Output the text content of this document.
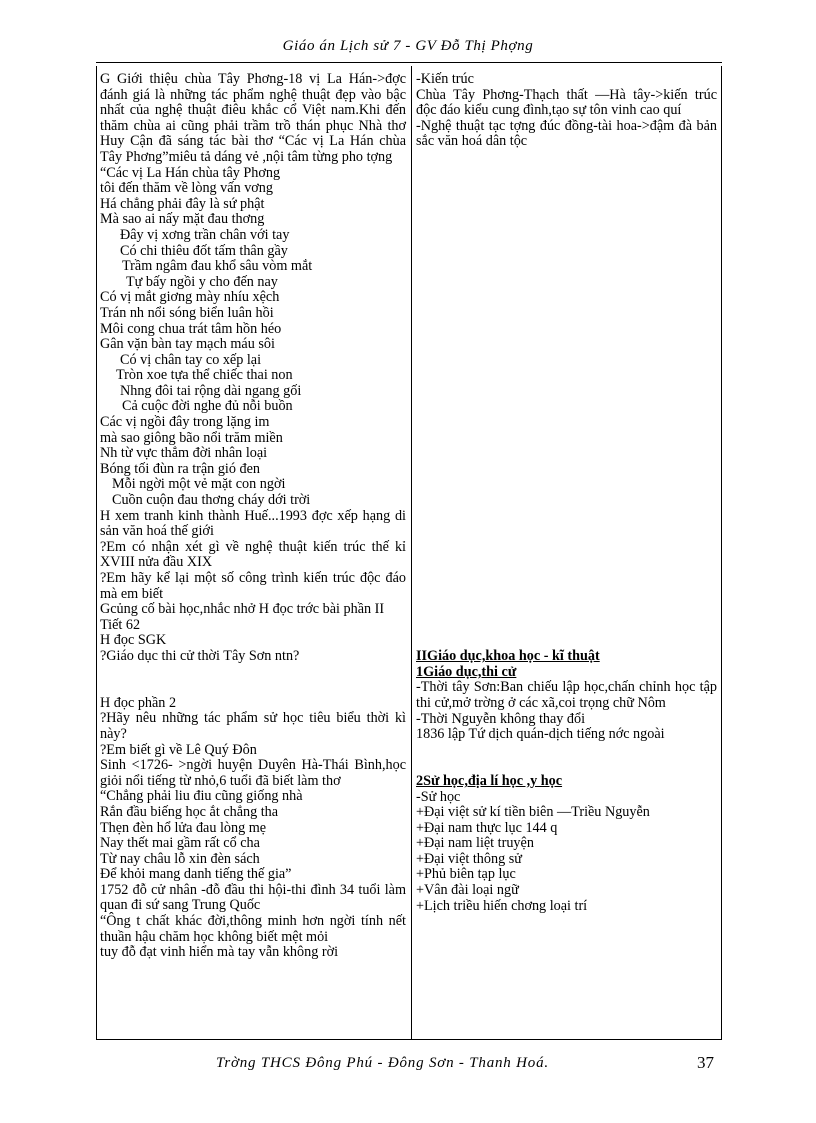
Giáo án Lịch sử 7 - GV Đỗ Thị Phợng
G Giới thiệu chùa Tây Phơng-18 vị La Hán->đợc đánh giá là những tác phẩm nghệ thuật đẹp vào bậc nhất của nghệ thuật điêu khắc cổ Việt nam.Khi đến thăm chùa ai cũng phải trầm trồ thán phục Nhà thơ Huy Cận đã sáng tác bài thơ “Các vị La Hán chùa Tây Phơng”miêu tả dáng vẻ ,nội tâm từng pho tợng
“Các vị La Hán chùa tây Phơng
tôi đến thăm về lòng vấn vơng
Há chẳng phải đây là sứ phật
Mà sao ai nấy mặt đau thơng
Đây vị xơng trần chân với tay
Có chi thiêu đốt tấm thân gầy
Trầm ngâm đau khổ sâu vòm mắt
Tự bấy ngồi y cho đến nay
Có vị mắt giơng mày nhíu xệch
Trán nh nổi sóng biển luân hồi
Môi cong chua trát tâm hồn héo
Gân vặn bàn tay mạch máu sôi
Có vị chân tay co xếp lại
Tròn xoe tựa thể chiếc thai non
Nhng đôi tai rộng dài ngang gối
Cả cuộc đời nghe đủ nỗi buồn
Các vị ngồi đây trong lặng im
mà sao giông bão nổi trăm miền
Nh từ vực thẳm đời nhân loại
Bóng tối đùn ra trận gió đen
Mỗi ngời một vẻ mặt con ngời
Cuồn cuộn đau thơng cháy dới trời
H xem tranh kinh thành Huế...1993 đợc xếp hạng di sản văn hoá thế giới
?Em có nhận xét gì về nghệ thuật kiến trúc thế kỉ XVIII nửa đầu XIX
?Em hãy kể lại một số công trình kiến trúc độc đáo mà em biết
Gcủng cố bài học,nhắc nhở H đọc trớc bài phần II
Tiết 62
H đọc SGK
?Giáo dục thi cử thời Tây Sơn ntn?
H đọc phần 2
?Hãy nêu những tác phẩm sử học tiêu biểu thời kì này?
?Em biết gì về Lê Quý Đôn
Sinh <1726- >ngời huyện Duyên Hà-Thái Bình,học giỏi nổi tiếng từ nhỏ,6 tuổi đã biết làm thơ
“Chẳng phải liu điu cũng giống nhà
Rắn đầu biếng học ắt chẳng tha
Thẹn đèn hổ lửa đau lòng mẹ
Nay thết mai gầm rất cổ cha
Từ nay châu lỗ xin đèn sách
Để khỏi mang danh tiếng thế gia”
1752 đỗ cử nhân -đỗ đầu thi hội-thi đình 34 tuổi làm quan đi sứ sang Trung Quốc
“Ông t chất khác đời,thông minh hơn ngời tính nết thuần hậu chăm học không biết mệt mỏi
tuy đỗ đạt vinh hiển mà tay vẫn không rời
-Kiến trúc
Chùa Tây Phơng-Thạch thất —Hà tây->kiến trúc độc đáo kiểu cung đình,tạo sự tôn vinh cao quí
-Nghệ thuật tạc tợng đúc đồng-tài hoa->đậm đà bản sắc văn hoá dân tộc
IIGiáo dục,khoa học - kĩ thuật
1Giáo dục,thi cử
-Thời tây Sơn:Ban chiếu lập học,chấn chỉnh học tập thi cử,mở trờng ở các xã,coi trọng chữ Nôm
-Thời Nguyễn không thay đổi
1836 lập Tứ dịch quán-dịch tiếng nớc ngoài
2Sử học,địa lí học ,y học
-Sử học
+Đại việt sử kí tiền biên —Triều Nguyễn
+Đại nam thực lục 144 q
+Đại nam liệt truyện
+Đại việt thông sử
+Phủ biên tạp lục
+Vân đài loại ngữ
+Lịch triều hiến chơng loại trí
Trờng THCS Đông Phú - Đông Sơn - Thanh Hoá.	37
